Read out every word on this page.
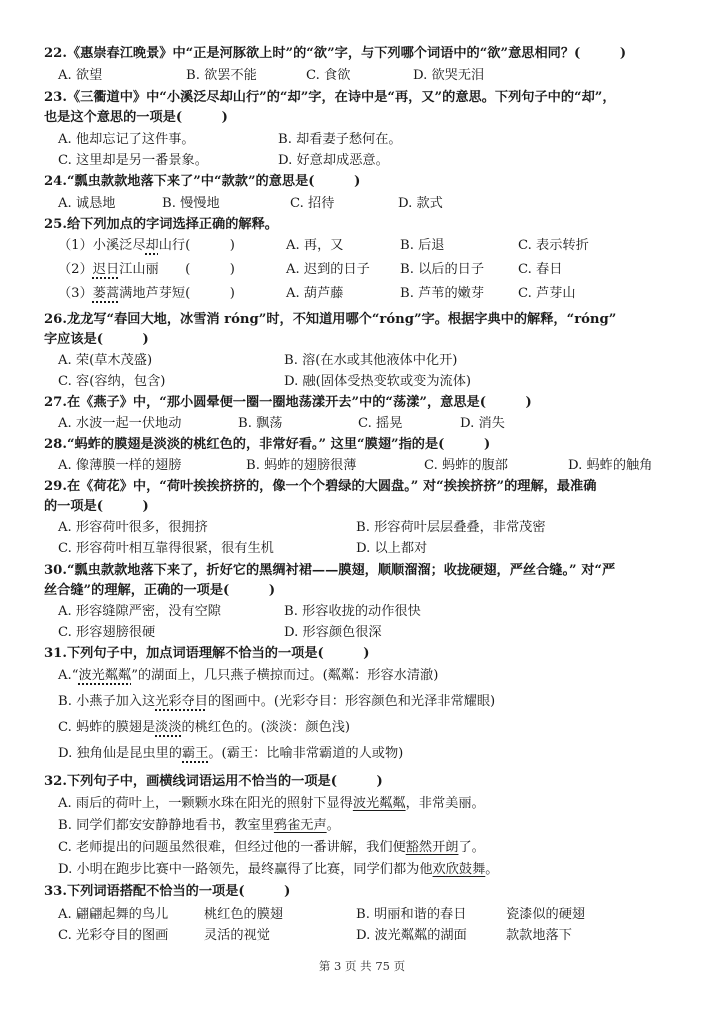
22.《惠崇春江晚景》中“正是河豚欲上时”的“欲”字，与下列哪个词语中的“欲”意思相同？(　　　)
A. 欲望	B. 欲罢不能	C. 食欲	D. 欲哭无泪
23.《三衢道中》中“小溪泛尽却山行”的“却”字，在诗中是“再，又”的意思。下列句子中的“却”，
也是这个意思的一项是(　　　)
A. 他却忘记了这件事。	B. 却看妻子愁何在。
C. 这里却是另一番景象。	D. 好意却成恶意。
24.“瓢虫款款地落下来了”中“款款”的意思是(　　　)
A. 诚恳地	B. 慢慢地	C. 招待	D. 款式
25.给下列加点的字词选择正确的解释。
（1）小溪泛尽却山行(　　　)	A. 再，又	B. 后退	C. 表示转折
（2）迟日江山丽　　(　　　)	A. 迟到的日子 B. 以后的日子	C. 春日
（3）蒌蒿满地芦芽短(　　　)	A. 葫芦藤	B. 芦苇的嫩芽	C. 芦芽山
26.龙龙写“春回大地，冰雪消 róng”时，不知道用哪个“róng”字。根据字典中的解释，“róng”
字应该是(　　　)
A. 荣(草木茂盛)	B. 溶(在水或其他液体中化开)
C. 容(容纳，包含)	D. 融(固体受热变软或变为流体)
27.在《燕子》中，“那小圆晕便一圈一圈地荡漾开去”中的“荡漾”，意思是(　　　)
A. 水波一起一伏地动	B. 飘荡	C. 摇晃	D. 消失
28.“蚂蚱的膜翅是淡淡的桃红色的，非常好看。” 这里“膜翅”指的是(　　　)
A. 像薄膜一样的翅膀	B. 蚂蚱的翅膀很薄	C. 蚂蚱的腹部	D. 蚂蚱的触角
29.在《荷花》中，“荷叶挨挨挤挤的，像一个个碧绿的大圆盘。” 对“挨挨挤挤”的理解，最准确
的一项是(　　　)
A. 形容荷叶很多，很拥挤	B. 形容荷叶层层叠叠，非常茂密
C. 形容荷叶相互靠得很紧，很有生机	D. 以上都对
30.“瓢虫款款地落下来了，折好它的黑绸衬裙——膜翅，顺顺溜溜；收拢硬翅，严丝合缝。” 对“严
丝合缝”的理解，正确的一项是(　　　)
A. 形容缝隙严密，没有空隙	B. 形容收拢的动作很快
C. 形容翅膀很硬	D. 形容颜色很深
31.下列句子中，加点词语理解不恰当的一项是(　　　)
A.“波光粼粼”的湖面上，几只燕子横掠而过。(粼粼：形容水清澈)
B. 小燕子加入这光彩夺目的图画中。(光彩夺目：形容颜色和光泽非常耀眼)
C. 蚂蚱的膜翅是淡淡的桃红色的。(淡淡：颜色浅)
D. 独角仙是昆虫里的霸王。(霸王：比喻非常霸道的人或物)
32.下列句子中，画横线词语运用不恰当的一项是(　　　)
A. 雨后的荷叶上，一颗颗水珠在阳光的照射下显得波光粼粼，非常美丽。
B. 同学们都安安静静地看书，教室里鸦雀无声。
C. 老师提出的问题虽然很难，但经过他的一番讲解，我们便豁然开朗了。
D. 小明在跑步比赛中一路领先，最终赢得了比赛，同学们都为他欢欣鼓舞。
33.下列词语搭配不恰当的一项是(　　　)
A. 翩翩起舞的鸟儿	桃红色的膜翅	B. 明丽和谐的春日	瓷漆似的硬翅
C. 光彩夺目的图画	灵活的视觉	D. 波光粼粼的湖面	款款地落下
第 3 页 共 75 页
